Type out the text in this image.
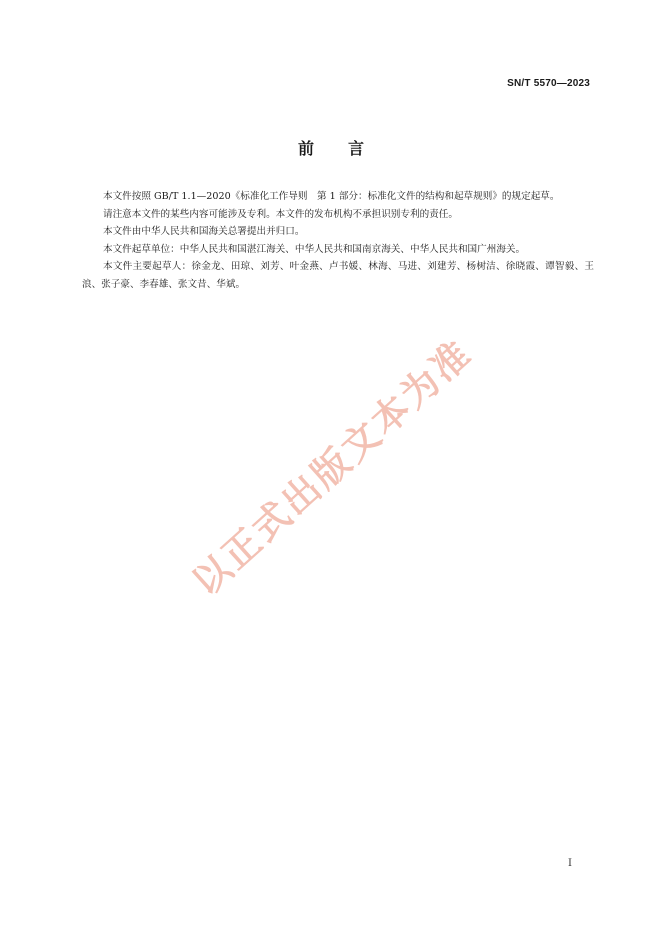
SN/T 5570—2023
前 言

本文件按照 GB/T 1.1—2020《标准化工作导则　第 1 部分：标准化文件的结构和起草规则》的规定起草。

请注意本文件的某些内容可能涉及专利。本文件的发布机构不承担识别专利的责任。

本文件由中华人民共和国海关总署提出并归口。

本文件起草单位：中华人民共和国湛江海关、中华人民共和国南京海关、中华人民共和国广州海关。

本文件主要起草人：徐金龙、田琼、刘芳、叶金燕、卢书媛、林海、马进、刘建芳、杨树洁、徐晓霞、谭智毅、王浪、张子豪、李春雄、张文昔、华斌。

以正式出版文本为准
I
